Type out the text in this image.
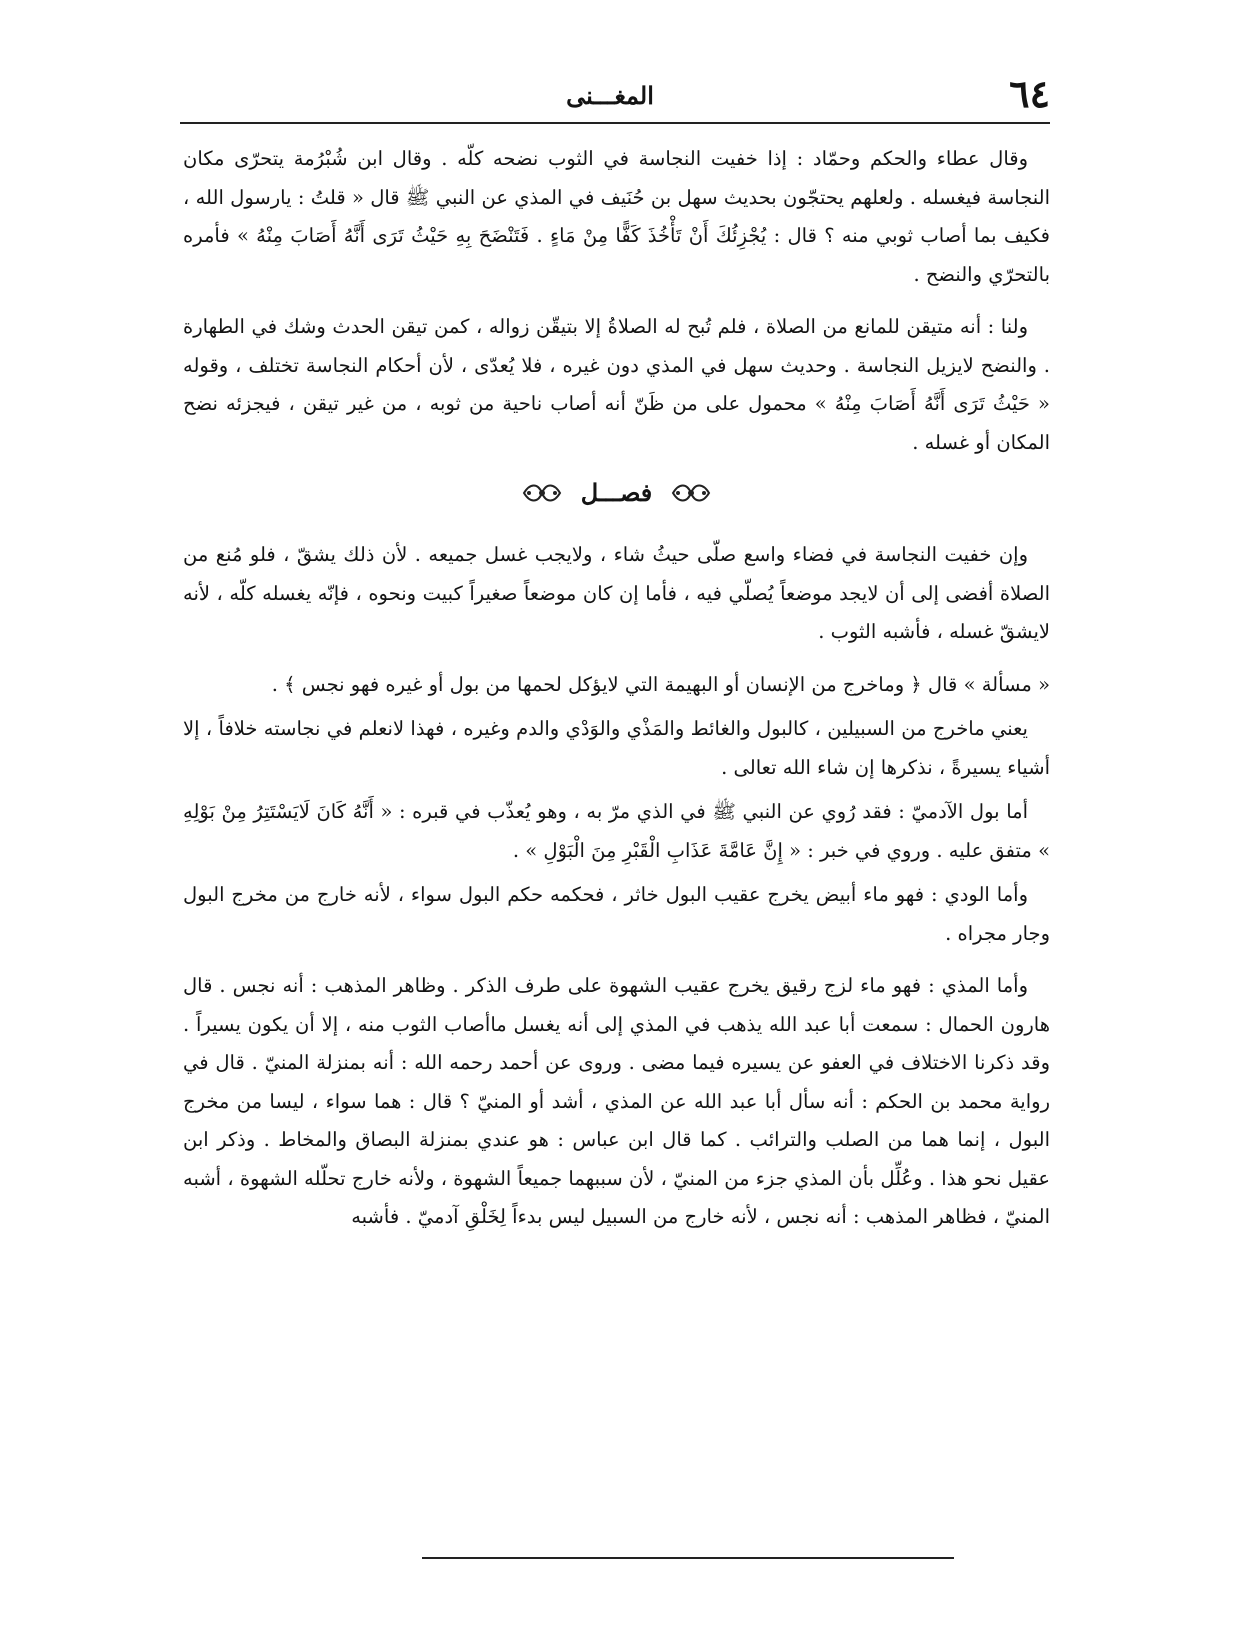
٦٤
المغـــنى

وقال عطاء والحكم وحمّاد : إذا خفيت النجاسة في الثوب نضحه كلّه . وقال ابن شُبْرُمة يتحرّى مكان النجاسة فيغسله . ولعلهم يحتجّون بحديث سهل بن حُنَيف في المذي عن النبي ﷺ قال « قلتُ : يارسول الله ، فكيف بما أصاب ثوبي منه ؟ قال : يُجْزِئُكَ أَنْ تَأْخُذَ كَفًّا مِنْ مَاءٍ . فَتَنْضَحَ بِهِ حَيْثُ تَرَى أَنَّهُ أَصَابَ مِنْهُ » فأمره بالتحرّي والنضح .

ولنا : أنه متيقن للمانع من الصلاة ، فلم تُبح له الصلاةُ إلا بتيقّن زواله ، كمن تيقن الحدث وشك في الطهارة . والنضح لايزيل النجاسة . وحديث سهل في المذي دون غيره ، فلا يُعدّى ، لأن أحكام النجاسة تختلف ، وقوله « حَيْثُ تَرَى أَنَّهُ أَصَابَ مِنْهُ » محمول على من ظَنّ أنه أصاب ناحية من ثوبه ، من غير تيقن ، فيجزئه نضح المكان أو غسله .

فصـــل

وإن خفيت النجاسة في فضاء واسع صلّى حيثُ شاء ، ولايجب غسل جميعه . لأن ذلك يشقّ ، فلو مُنع من الصلاة أفضى إلى أن لايجد موضعاً يُصلّي فيه ، فأما إن كان موضعاً صغيراً كبيت ونحوه ، فإنّه يغسله كلّه ، لأنه لايشقّ غسله ، فأشبه الثوب .

« مسألة » قال ﴿ وماخرج من الإنسان أو البهيمة التي لايؤكل لحمها من بول أو غيره فهو نجس ﴾ .

يعني ماخرج من السبيلين ، كالبول والغائط والمَذْي والوَدْي والدم وغيره ، فهذا لانعلم في نجاسته خلافاً ، إلا أشياء يسيرةً ، نذكرها إن شاء الله تعالى .

أما بول الآدميّ : فقد رُوي عن النبي ﷺ في الذي مرّ به ، وهو يُعذّب في قبره : « أَنَّهُ كَانَ لَايَسْتَتِرُ مِنْ بَوْلِهِ » متفق عليه . وروي في خبر : « إِنَّ عَامَّةَ عَذَابِ الْقَبْرِ مِنَ الْبَوْلِ » .

وأما الودي : فهو ماء أبيض يخرج عقيب البول خاثر ، فحكمه حكم البول سواء ، لأنه خارج من مخرج البول وجار مجراه .

وأما المذي : فهو ماء لزج رقيق يخرج عقيب الشهوة على طرف الذكر . وظاهر المذهب : أنه نجس . قال هارون الحمال : سمعت أبا عبد الله يذهب في المذي إلى أنه يغسل ماأصاب الثوب منه ، إلا أن يكون يسيراً . وقد ذكرنا الاختلاف في العفو عن يسيره فيما مضى . وروى عن أحمد رحمه الله : أنه بمنزلة المنيّ . قال في رواية محمد بن الحكم : أنه سأل أبا عبد الله عن المذي ، أشد أو المنيّ ؟ قال : هما سواء ، ليسا من مخرج البول ، إنما هما من الصلب والترائب . كما قال ابن عباس : هو عندي بمنزلة البصاق والمخاط . وذكر ابن عقيل نحو هذا . وعُلِّل بأن المذي جزء من المنيّ ، لأن سببهما جميعاً الشهوة ، ولأنه خارج تحلّله الشهوة ، أشبه المنيّ ، فظاهر المذهب : أنه نجس ، لأنه خارج من السبيل ليس بدءاً لِخَلْقِ آدميّ . فأشبه
